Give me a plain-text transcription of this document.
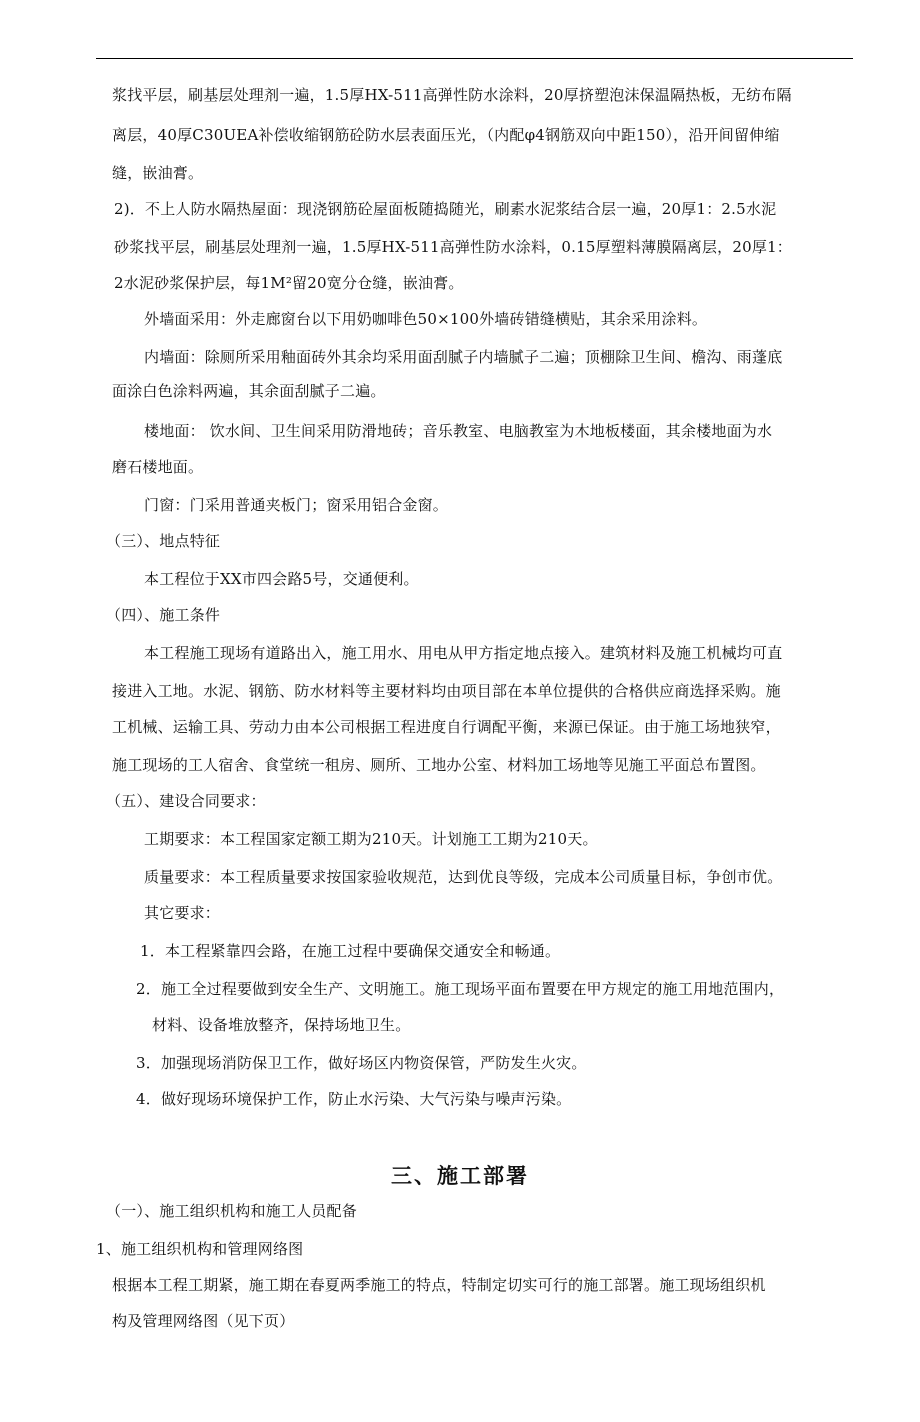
浆找平层，刷基层处理剂一遍，1.5厚HX-511高弹性防水涂料，20厚挤塑泡沫保温隔热板，无纺布隔
离层，40厚C30UEA补偿收缩钢筋砼防水层表面压光，（内配φ4钢筋双向中距150），沿开间留伸缩
缝，嵌油膏。
2)．不上人防水隔热屋面：现浇钢筋砼屋面板随捣随光，刷素水泥浆结合层一遍，20厚1：2.5水泥
砂浆找平层，刷基层处理剂一遍，1.5厚HX-511高弹性防水涂料，0.15厚塑料薄膜隔离层，20厚1：
2水泥砂浆保护层，每1M²留20宽分仓缝，嵌油膏。
外墙面采用：外走廊窗台以下用奶咖啡色50×100外墙砖错缝横贴，其余采用涂料。
内墙面：除厕所采用釉面砖外其余均采用面刮腻子内墙腻子二遍；顶棚除卫生间、檐沟、雨蓬底
面涂白色涂料两遍，其余面刮腻子二遍。
楼地面： 饮水间、卫生间采用防滑地砖；音乐教室、电脑教室为木地板楼面，其余楼地面为水
磨石楼地面。
门窗：门采用普通夹板门；窗采用铝合金窗。
（三）、地点特征
本工程位于XX市四会路5号，交通便利。
（四）、施工条件
本工程施工现场有道路出入，施工用水、用电从甲方指定地点接入。建筑材料及施工机械均可直
接进入工地。水泥、钢筋、防水材料等主要材料均由项目部在本单位提供的合格供应商选择采购。施
工机械、运输工具、劳动力由本公司根据工程进度自行调配平衡，来源已保证。由于施工场地狭窄，
施工现场的工人宿舍、食堂统一租房、厕所、工地办公室、材料加工场地等见施工平面总布置图。
（五）、建设合同要求：
工期要求：本工程国家定额工期为210天。计划施工工期为210天。
质量要求：本工程质量要求按国家验收规范，达到优良等级，完成本公司质量目标，争创市优。
其它要求：
1．本工程紧靠四会路，在施工过程中要确保交通安全和畅通。
2．施工全过程要做到安全生产、文明施工。施工现场平面布置要在甲方规定的施工用地范围内，
材料、设备堆放整齐，保持场地卫生。
3．加强现场消防保卫工作，做好场区内物资保管，严防发生火灾。
4．做好现场环境保护工作，防止水污染、大气污染与噪声污染。
三、施工部署
（一）、施工组织机构和施工人员配备
1、施工组织机构和管理网络图
根据本工程工期紧，施工期在春夏两季施工的特点，特制定切实可行的施工部署。施工现场组织机
构及管理网络图（见下页）
